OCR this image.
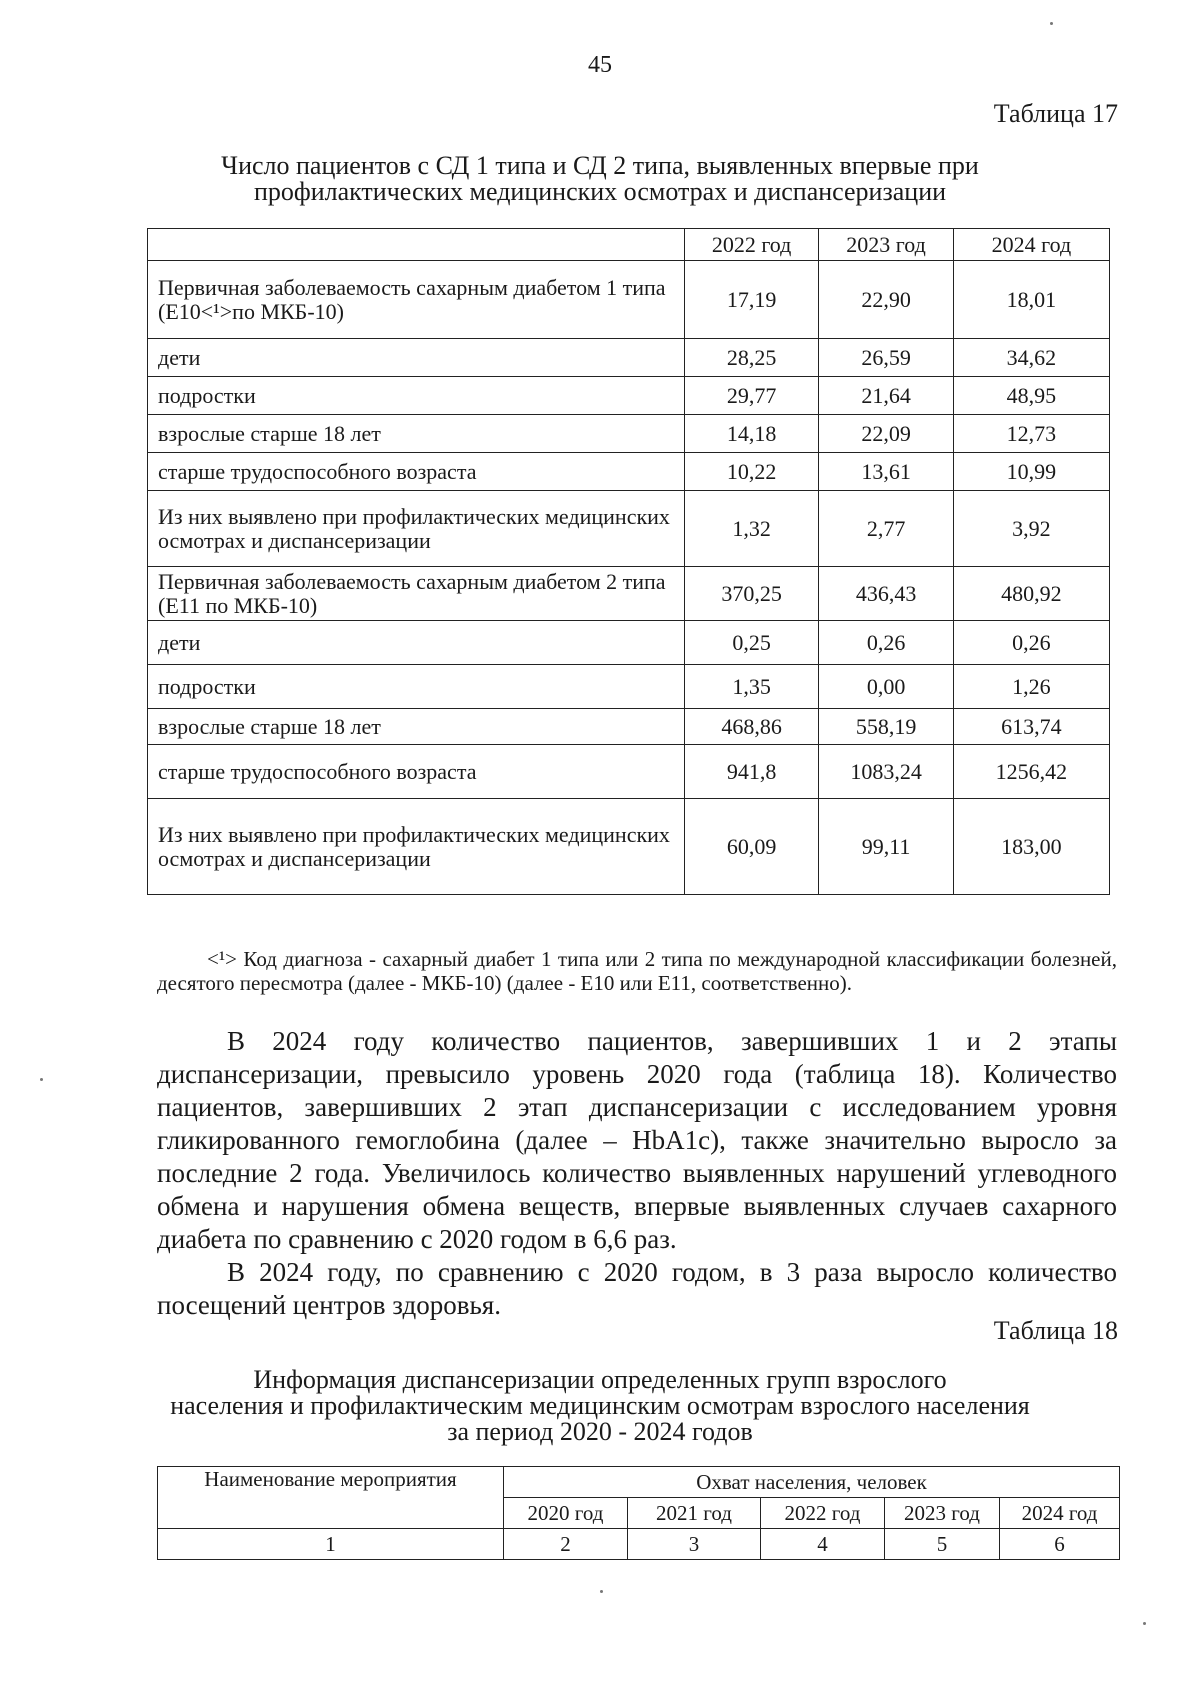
45
Таблица 17
Число пациентов с СД 1 типа и СД 2 типа, выявленных впервые при
профилактических медицинских осмотрах и диспансеризации
	2022 год	2023 год	2024 год
Первичная заболеваемость сахарным диабетом 1 типа (Е10<¹>по МКБ-10)	17,19	22,90	18,01
дети	28,25	26,59	34,62
подростки	29,77	21,64	48,95
взрослые старше 18 лет	14,18	22,09	12,73
старше трудоспособного возраста	10,22	13,61	10,99
Из них выявлено при профилактических медицинских осмотрах и диспансеризации	1,32	2,77	3,92
Первичная заболеваемость сахарным диабетом 2 типа (Е11 по МКБ-10)	370,25	436,43	480,92
дети	0,25	0,26	0,26
подростки	1,35	0,00	1,26
взрослые старше 18 лет	468,86	558,19	613,74
старше трудоспособного возраста	941,8	1083,24	1256,42
Из них выявлено при профилактических медицинских осмотрах и диспансеризации	60,09	99,11	183,00

<¹> Код диагноза - сахарный диабет 1 типа или 2 типа по международной классификации болезней, десятого пересмотра (далее - МКБ-10) (далее - Е10 или Е11, соответственно).

В 2024 году количество пациентов, завершивших 1 и 2 этапы диспансеризации, превысило уровень 2020 года (таблица 18). Количество пациентов, завершивших 2 этап диспансеризации с исследованием уровня гликированного гемоглобина (далее – HbA1c), также значительно выросло за последние 2 года. Увеличилось количество выявленных нарушений углеводного обмена и нарушения обмена веществ, впервые выявленных случаев сахарного диабета по сравнению с 2020 годом в 6,6 раз.

В 2024 году, по сравнению с 2020 годом, в 3 раза выросло количество посещений центров здоровья.

Таблица 18
Информация диспансеризации определенных групп взрослого
населения и профилактическим медицинским осмотрам взрослого населения
за период 2020 - 2024 годов
Наименование мероприятия	Охват населения, человек				
	2020 год	2021 год	2022 год	2023 год	2024 год
1	2	3	4	5	6
